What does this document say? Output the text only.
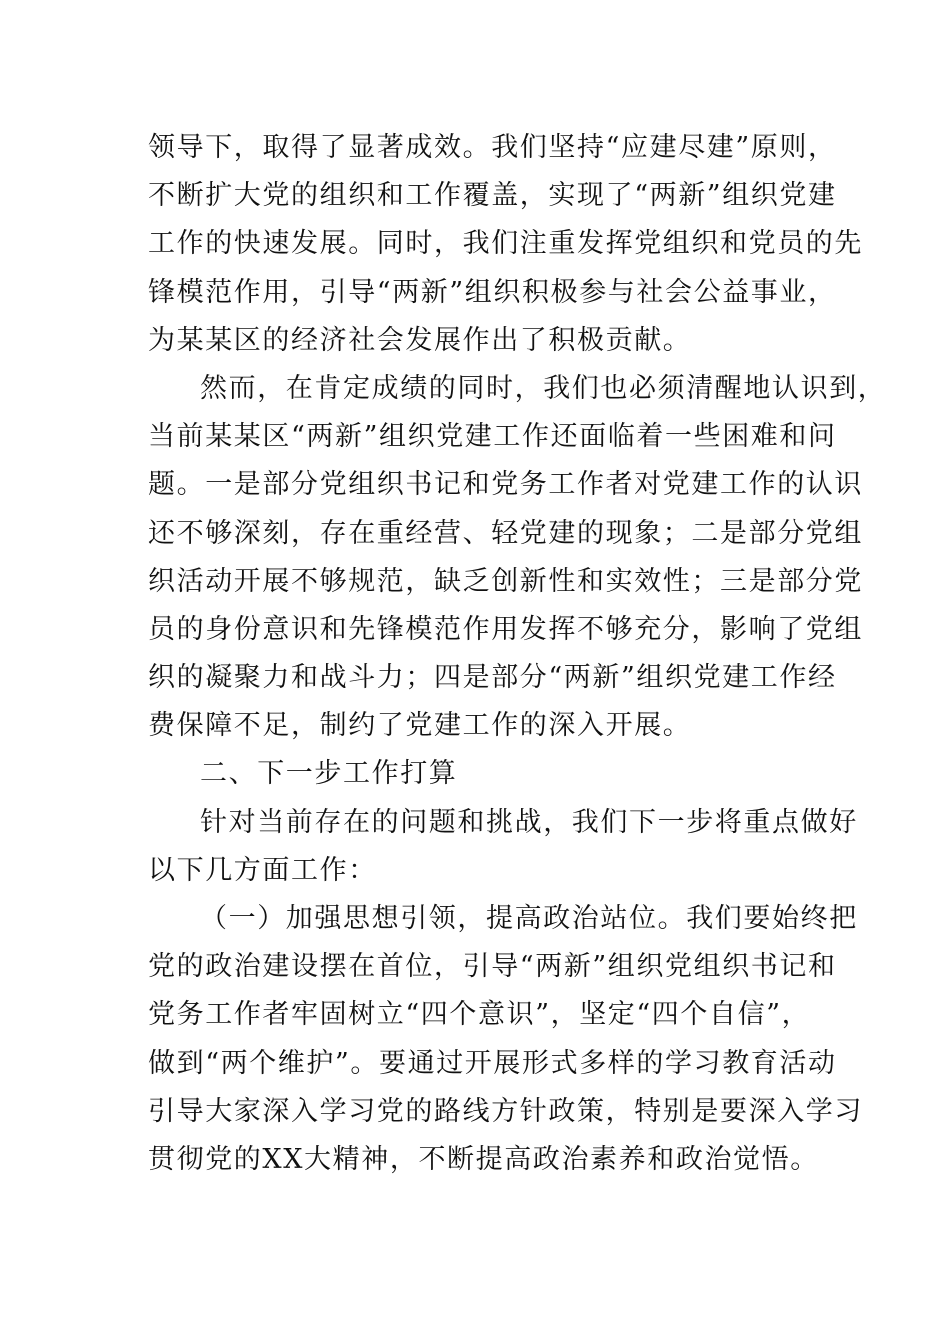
领导下，取得了显著成效。我们坚持“应建尽建”原则，
不断扩大党的组织和工作覆盖，实现了“两新”组织党建
工作的快速发展。同时，我们注重发挥党组织和党员的先
锋模范作用，引导“两新”组织积极参与社会公益事业，
为某某区的经济社会发展作出了积极贡献。
然而，在肯定成绩的同时，我们也必须清醒地认识到，
当前某某区“两新”组织党建工作还面临着一些困难和问
题。一是部分党组织书记和党务工作者对党建工作的认识
还不够深刻，存在重经营、轻党建的现象；二是部分党组
织活动开展不够规范，缺乏创新性和实效性；三是部分党
员的身份意识和先锋模范作用发挥不够充分，影响了党组
织的凝聚力和战斗力；四是部分“两新”组织党建工作经
费保障不足，制约了党建工作的深入开展。
二、下一步工作打算
针对当前存在的问题和挑战，我们下一步将重点做好
以下几方面工作：
（一）加强思想引领，提高政治站位。我们要始终把
党的政治建设摆在首位，引导“两新”组织党组织书记和
党务工作者牢固树立“四个意识”，坚定“四个自信”，
做到“两个维护”。要通过开展形式多样的学习教育活动
引导大家深入学习党的路线方针政策，特别是要深入学习
贯彻党的XX大精神，不断提高政治素养和政治觉悟。
